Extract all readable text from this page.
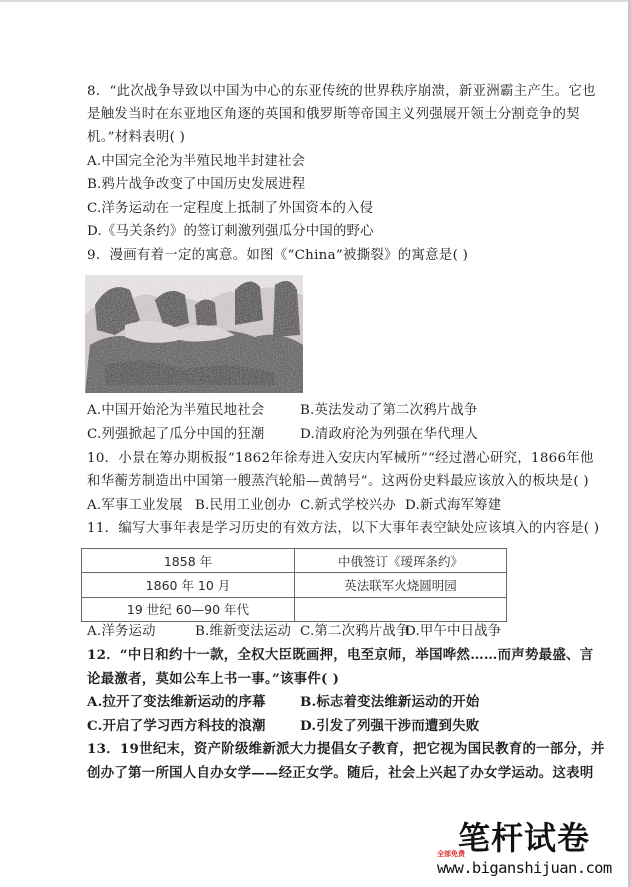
8．“此次战争导致以中国为中心的东亚传统的世界秩序崩溃，新亚洲霸主产生。它也
是触发当时在东亚地区角逐的英国和俄罗斯等帝国主义列强展开领土分割竞争的契
机。”材料表明( )
A.中国完全沦为半殖民地半封建社会
B.鸦片战争改变了中国历史发展进程
C.洋务运动在一定程度上抵制了外国资本的入侵
D.《马关条约》的签订刺激列强瓜分中国的野心
9．漫画有着一定的寓意。如图《“China”被撕裂》的寓意是( )
A.中国开始沦为半殖民地社会	B.英法发动了第二次鸦片战争
C.列强掀起了瓜分中国的狂潮	D.清政府沦为列强在华代理人
10．小景在筹办期板报“1862年徐寿进入安庆内军械所”“经过潜心研究，1866年他
和华蘅芳制造出中国第一艘蒸汽轮船—黄鹄号”。这两份史料最应该放入的板块是( )
A.军事工业发展 B.民用工业创办 C.新式学校兴办 D.新式海军筹建
11．编写大事年表是学习历史的有效方法，以下大事年表空缺处应该填入的内容是( )
1858 年	中俄签订《瑷珲条约》
1860 年 10 月	英法联军火烧圆明园
19 世纪 60—90 年代	
A.洋务运动	B.维新变法运动 C.第二次鸦片战争
D.甲午中日战争
12．“中日和约十一款，全权大臣既画押，电至京师，举国哗然……而声势最盛、言
论最激者，莫如公车上书一事。”该事件( )
A.拉开了变法维新运动的序幕	B.标志着变法维新运动的开始
C.开启了学习西方科技的浪潮	D.引发了列强干涉而遭到失败
13．19世纪末，资产阶级维新派大力提倡女子教育，把它视为国民教育的一部分，并
创办了第一所国人自办女学——经正女学。随后，社会上兴起了办女学运动。这表明
笔杆试卷
全部免费
www.biganshijuan.com
